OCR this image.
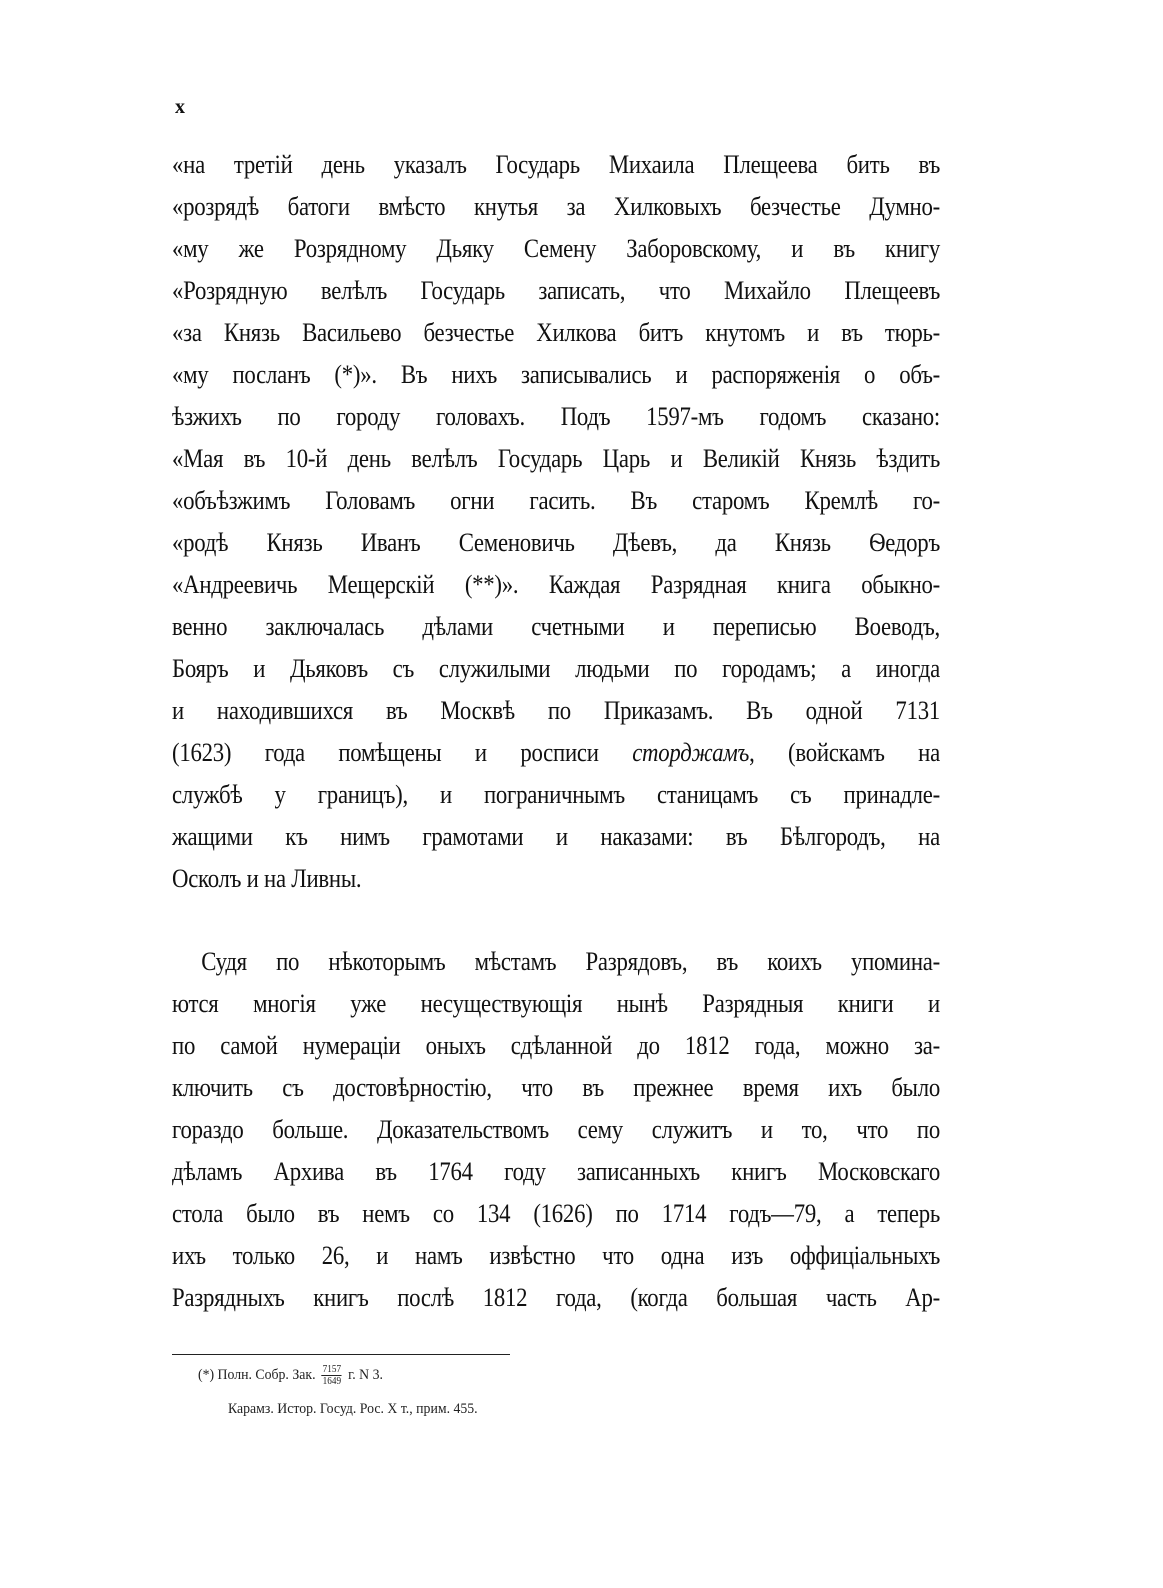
x
«на третій день указалъ Государь Михаила Плещеева бить въ
«розрядѣ батоги вмѣсто кнутья за Хилковыхъ безчестье Думно-
«му же Розрядному Дьяку Семену Заборовскому, и въ книгу
«Розрядную велѣлъ Государь записать, что Михайло Плещеевъ
«за Князь Васильево безчестье Хилкова битъ кнутомъ и въ тюрь-
«му посланъ (*)». Въ нихъ записывались и распоряженія о объ-
ѣзжихъ по городу головахъ. Подъ 1597-мъ годомъ сказано:
«Мая въ 10-й день велѣлъ Государь Царь и Великій Князь ѣздить
«объѣзжимъ Головамъ огни гасить. Въ старомъ Кремлѣ го-
«родѣ Князь Иванъ Семеновичь Дѣевъ, да Князь Ѳедоръ
«Андреевичь Мещерскій (**)». Каждая Разрядная книга обыкно-
венно заключалась дѣлами счетными и переписью Воеводъ,
Бояръ и Дьяковъ съ служилыми людьми по городамъ; а иногда
и находившихся въ Москвѣ по Приказамъ. Въ одной 7131
(1623) года помѣщены и росписи сторджамъ, (войскамъ на
службѣ у границъ), и пограничнымъ станицамъ съ принадле-
жащими къ нимъ грамотами и наказами: въ Бѣлгородъ, на
Осколъ и на Ливны.
Судя по нѣкоторымъ мѣстамъ Разрядовъ, въ коихъ упомина-
ются многія уже несуществующія нынѣ Разрядныя книги и
по самой нумераціи оныхъ сдѣланной до 1812 года, можно за-
ключить съ достовѣрностію, что въ прежнее время ихъ было
гораздо больше. Доказательствомъ сему служитъ и то, что по
дѣламъ Архива въ 1764 году записанныхъ книгъ Московскаго
стола было въ немъ со 134 (1626) по 1714 годъ—79, а теперь
ихъ только 26, и намъ извѣстно что одна изъ оффиціальныхъ
Разрядныхъ книгъ послѣ 1812 года, (когда большая часть Ар-
(*) Полн. Собр. Зак. $\frac{7157}{1649} г$. N 3.
Карамз. Истор. Госуд. Рос. X т., прим. 455.
